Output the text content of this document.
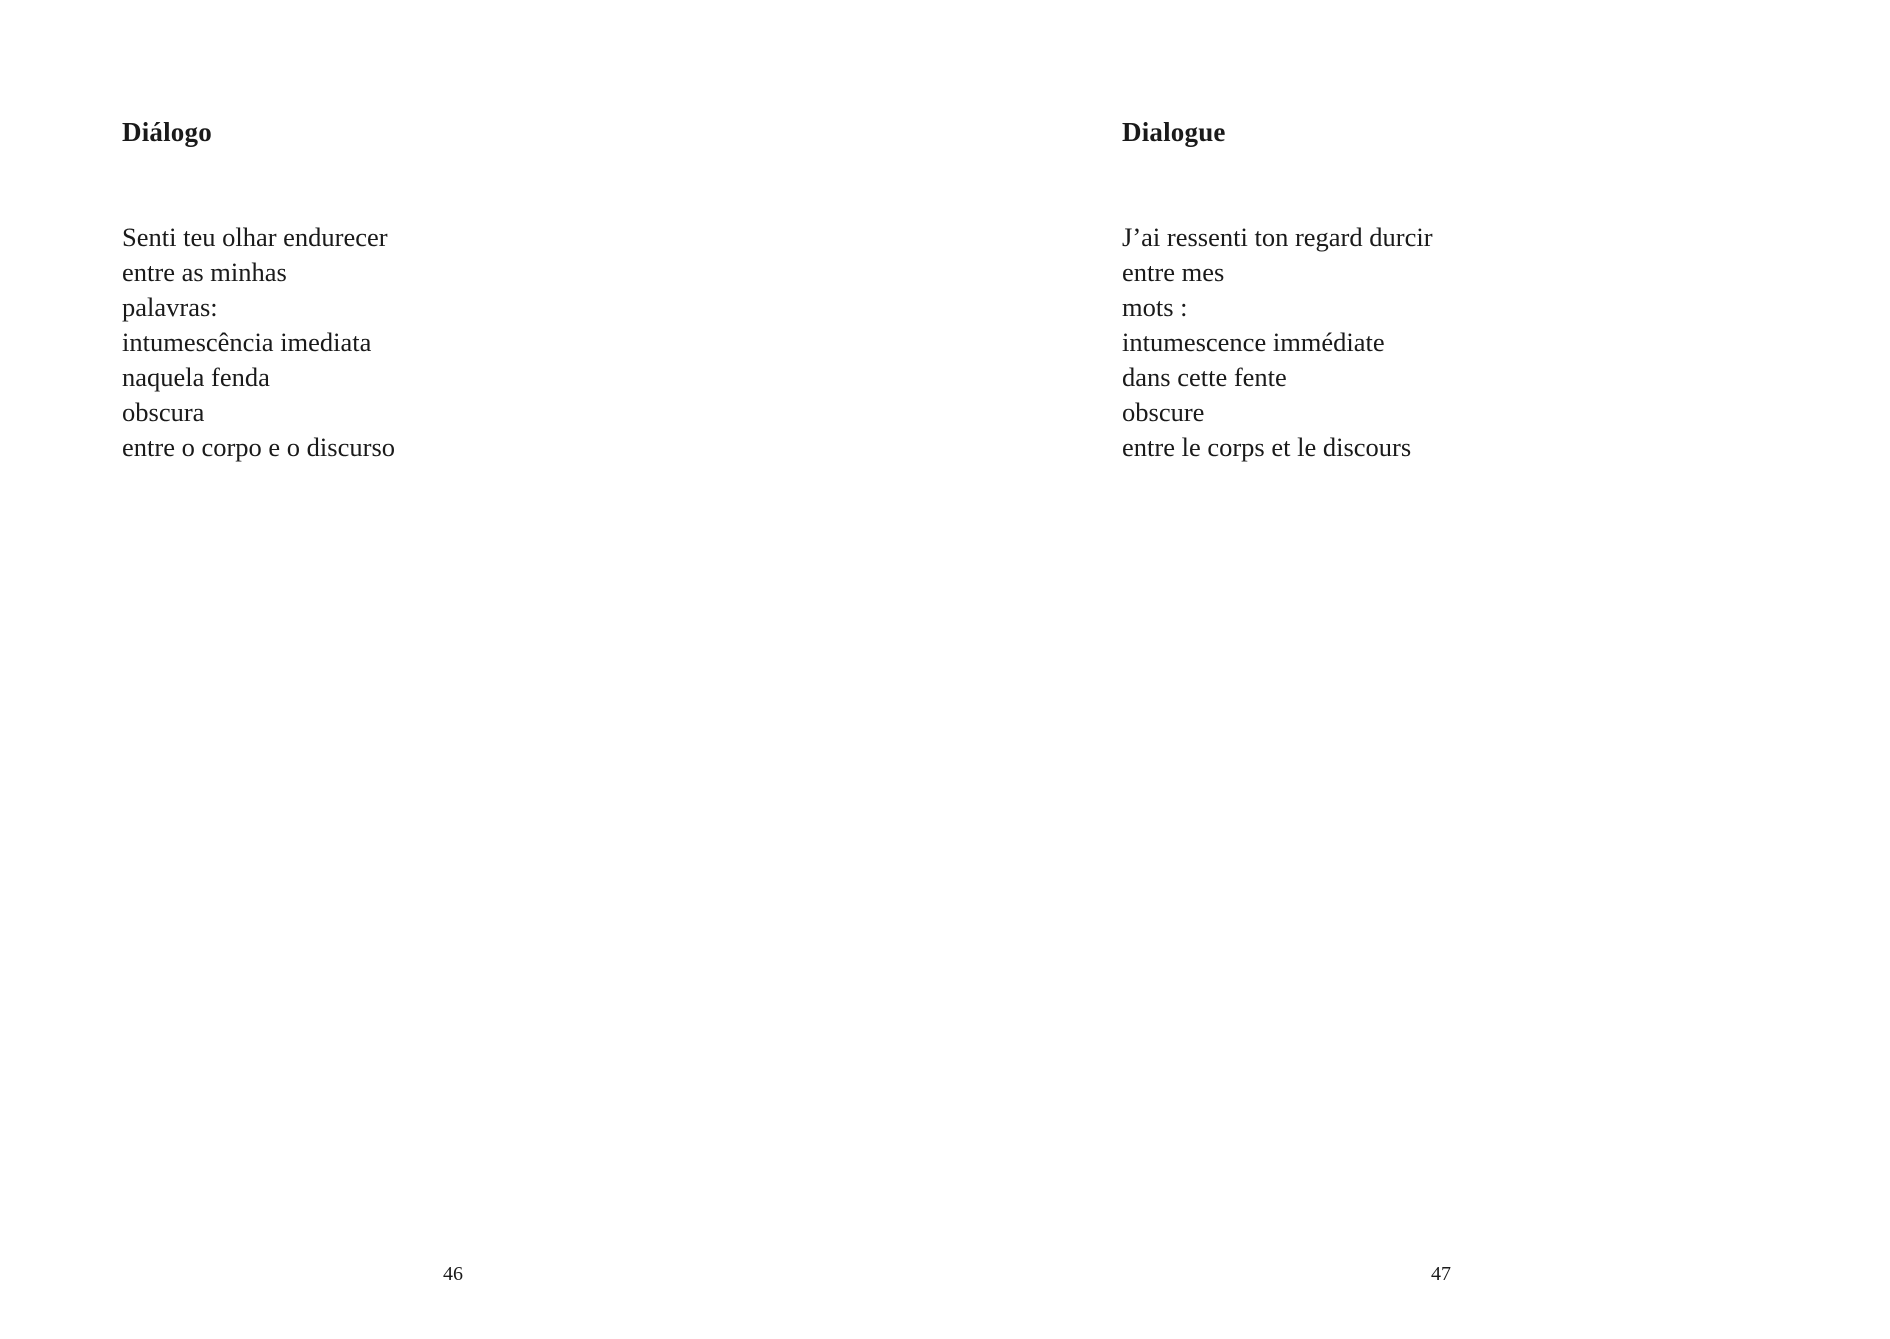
Diálogo
Senti teu olhar endurecer
entre as minhas
palavras:
intumescência imediata
naquela fenda
obscura
entre o corpo e o discurso
46
Dialogue
J’ai ressenti ton regard durcir
entre mes
mots :
intumescence immédiate
dans cette fente
obscure
entre le corps et le discours
47
